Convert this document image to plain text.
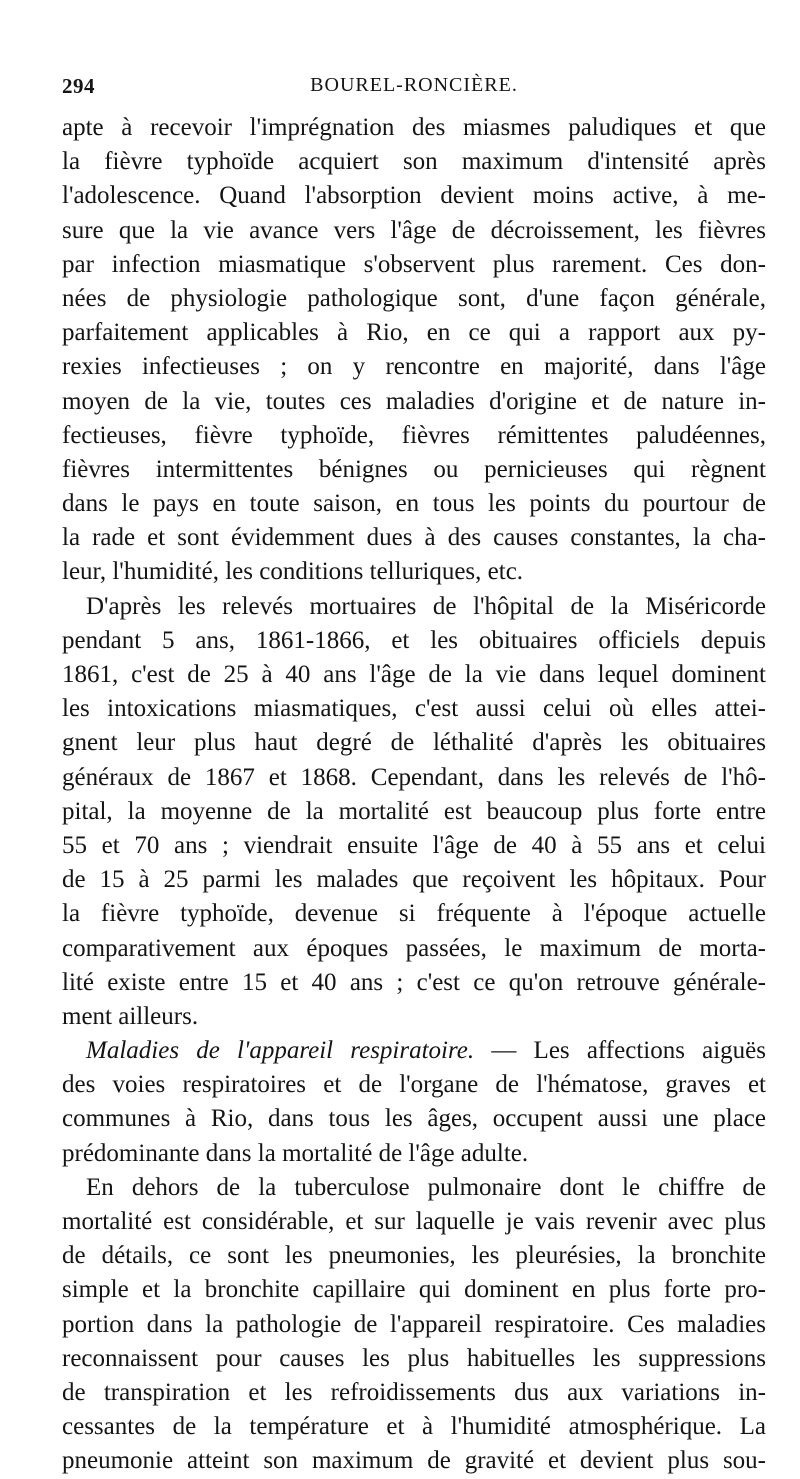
294	BOUREL-RONCIÈRE.
apte à recevoir l'imprégnation des miasmes paludiques et que
la fièvre typhoïde acquiert son maximum d'intensité après
l'adolescence. Quand l'absorption devient moins active, à me-
sure que la vie avance vers l'âge de décroissement, les fièvres
par infection miasmatique s'observent plus rarement. Ces don-
nées de physiologie pathologique sont, d'une façon générale,
parfaitement applicables à Rio, en ce qui a rapport aux py-
rexies infectieuses ; on y rencontre en majorité, dans l'âge
moyen de la vie, toutes ces maladies d'origine et de nature in-
fectieuses, fièvre typhoïde, fièvres rémittentes paludéennes,
fièvres intermittentes bénignes ou pernicieuses qui règnent
dans le pays en toute saison, en tous les points du pourtour de
la rade et sont évidemment dues à des causes constantes, la cha-
leur, l'humidité, les conditions telluriques, etc.
D'après les relevés mortuaires de l'hôpital de la Miséricorde
pendant 5 ans, 1861-1866, et les obituaires officiels depuis
1861, c'est de 25 à 40 ans l'âge de la vie dans lequel dominent
les intoxications miasmatiques, c'est aussi celui où elles attei-
gnent leur plus haut degré de léthalité d'après les obituaires
généraux de 1867 et 1868. Cependant, dans les relevés de l'hô-
pital, la moyenne de la mortalité est beaucoup plus forte entre
55 et 70 ans ; viendrait ensuite l'âge de 40 à 55 ans et celui
de 15 à 25 parmi les malades que reçoivent les hôpitaux. Pour
la fièvre typhoïde, devenue si fréquente à l'époque actuelle
comparativement aux époques passées, le maximum de morta-
lité existe entre 15 et 40 ans ; c'est ce qu'on retrouve générale-
ment ailleurs.
Maladies de l'appareil respiratoire. — Les affections aiguës
des voies respiratoires et de l'organe de l'hématose, graves et
communes à Rio, dans tous les âges, occupent aussi une place
prédominante dans la mortalité de l'âge adulte.
En dehors de la tuberculose pulmonaire dont le chiffre de
mortalité est considérable, et sur laquelle je vais revenir avec plus
de détails, ce sont les pneumonies, les pleurésies, la bronchite
simple et la bronchite capillaire qui dominent en plus forte pro-
portion dans la pathologie de l'appareil respiratoire. Ces maladies
reconnaissent pour causes les plus habituelles les suppressions
de transpiration et les refroidissements dus aux variations in-
cessantes de la température et à l'humidité atmosphérique. La
pneumonie atteint son maximum de gravité et devient plus sou-
